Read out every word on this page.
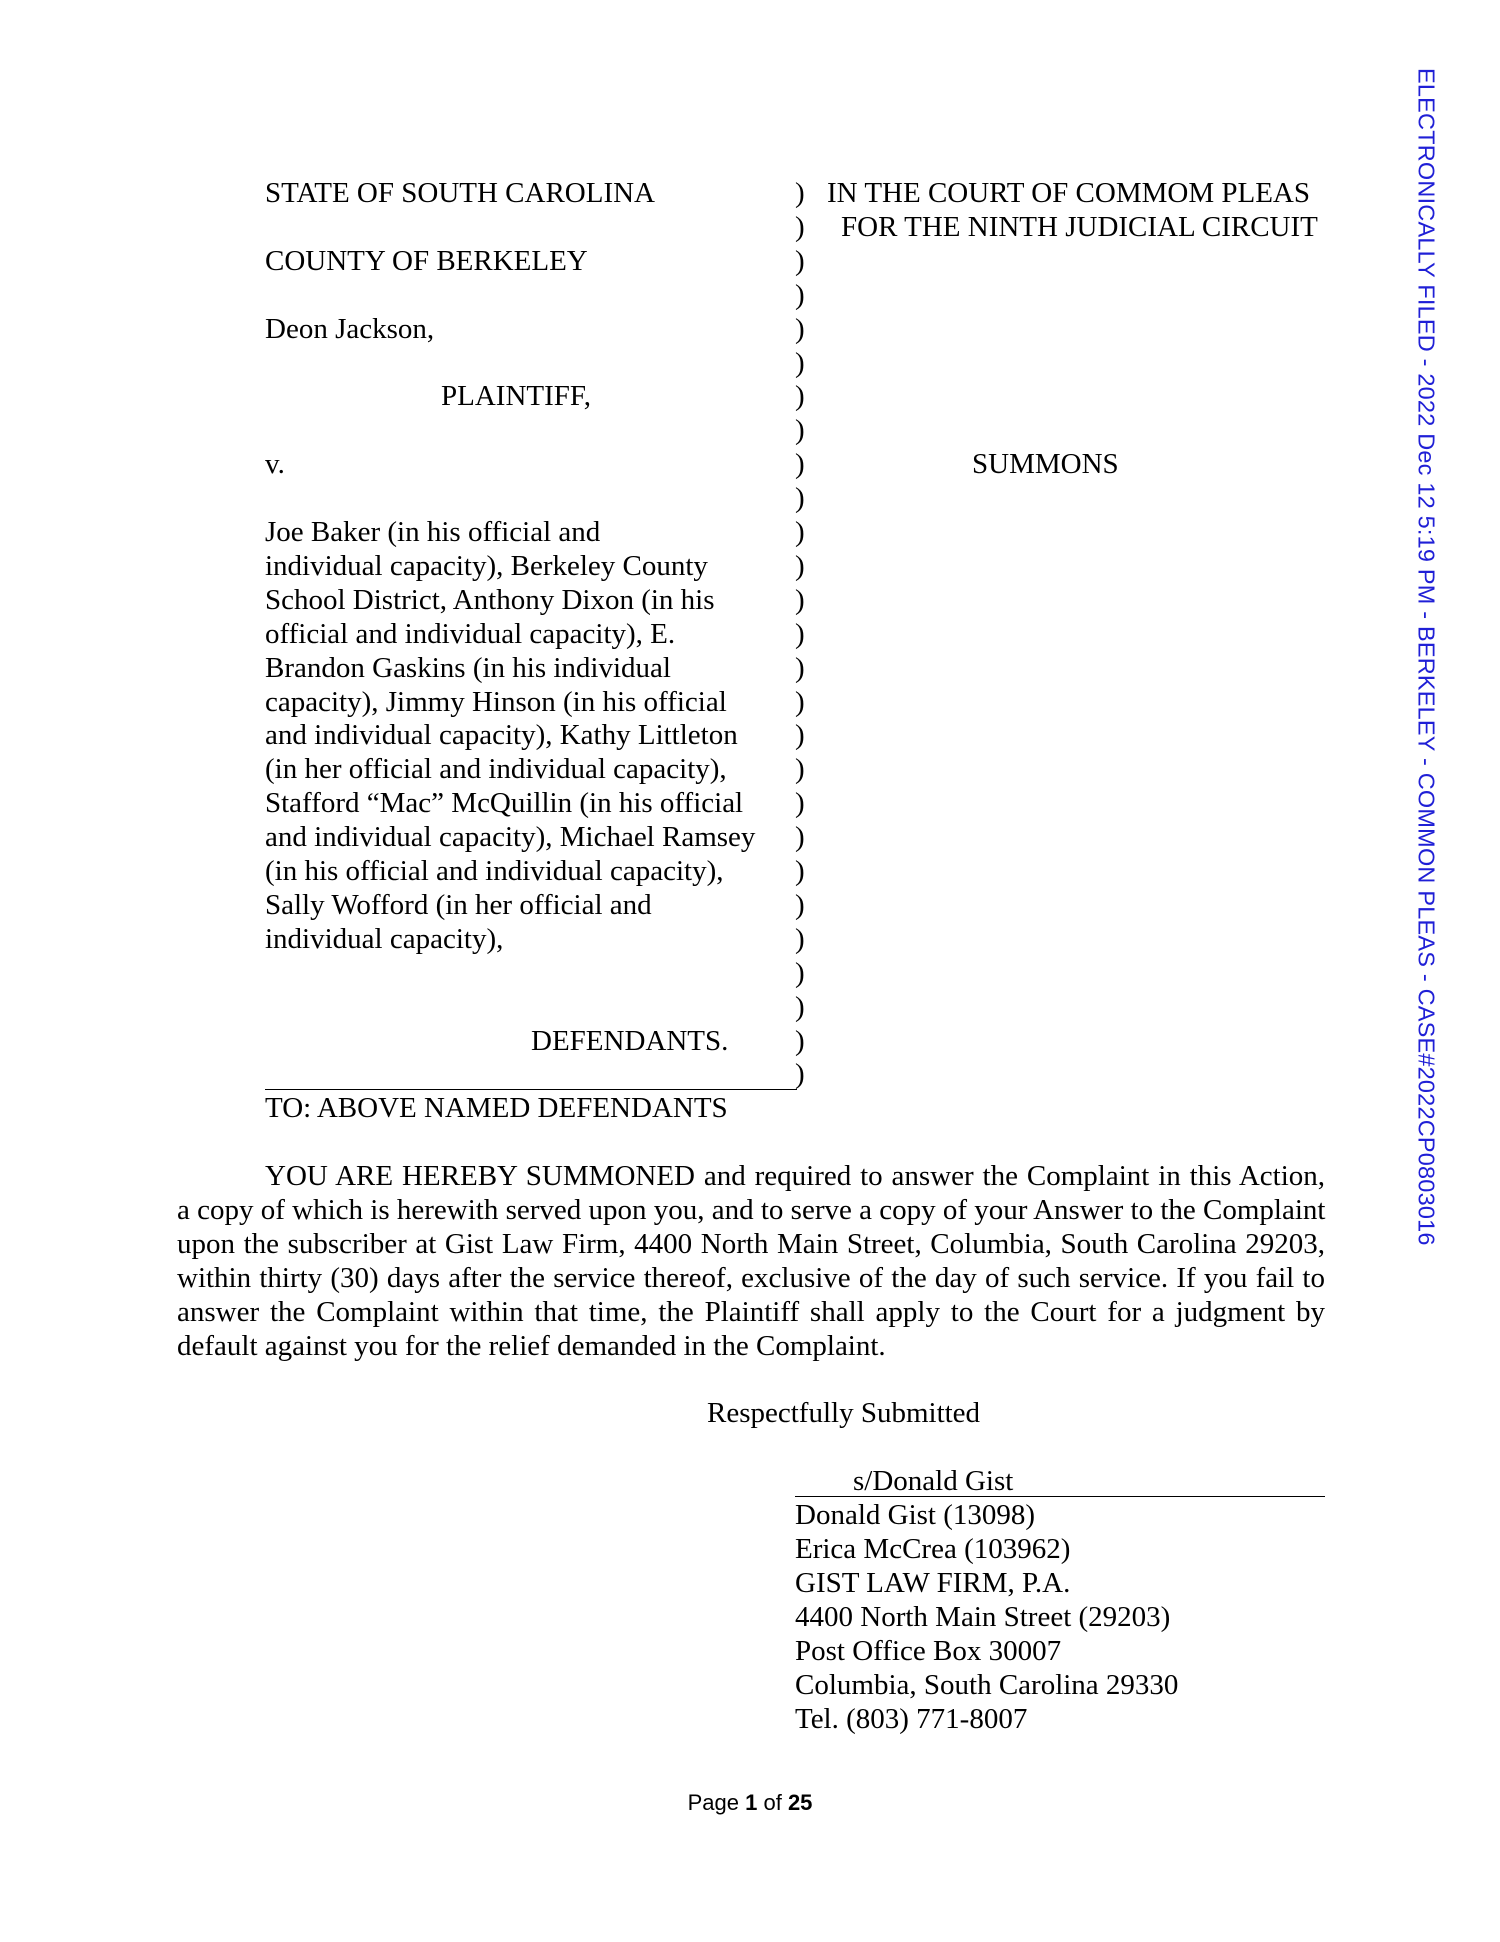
ELECTRONICALLY FILED - 2022 Dec 12 5:19 PM - BERKELEY - COMMON PLEAS - CASE#2022CP0803016
STATE OF SOUTH CAROLINA
COUNTY OF BERKELEY
Deon Jackson,
PLAINTIFF,
v.
Joe Baker (in his official and
individual capacity), Berkeley County
School District, Anthony Dixon (in his
official and individual capacity), E.
Brandon Gaskins (in his individual
capacity), Jimmy Hinson (in his official
and individual capacity), Kathy Littleton
(in her official and individual capacity),
Stafford “Mac” McQuillin (in his official
and individual capacity), Michael Ramsey
(in his official and individual capacity),
Sally Wofford (in her official and
individual capacity),
DEFENDANTS.
TO: ABOVE NAMED DEFENDANTS
)
)
)
)
)
)
)
)
)
)
)
)
)
)
)
)
)
)
)
)
)
)
)
)
)
)
)
IN THE COURT OF COMMOM PLEAS
FOR THE NINTH JUDICIAL CIRCUIT
SUMMONS
YOU ARE HEREBY SUMMONED and required to answer the Complaint in this Action,
a copy of which is herewith served upon you, and to serve a copy of your Answer to the Complaint
upon the subscriber at Gist Law Firm, 4400 North Main Street, Columbia, South Carolina 29203,
within thirty (30) days after the service thereof, exclusive of the day of such service. If you fail to
answer the Complaint within that time, the Plaintiff shall apply to the Court for a judgment by
default against you for the relief demanded in the Complaint.
Respectfully Submitted
s/Donald Gist
Donald Gist (13098)
Erica McCrea (103962)
GIST LAW FIRM, P.A.
4400 North Main Street (29203)
Post Office Box 30007
Columbia, South Carolina 29330
Tel. (803) 771-8007
Page 1 of 25
